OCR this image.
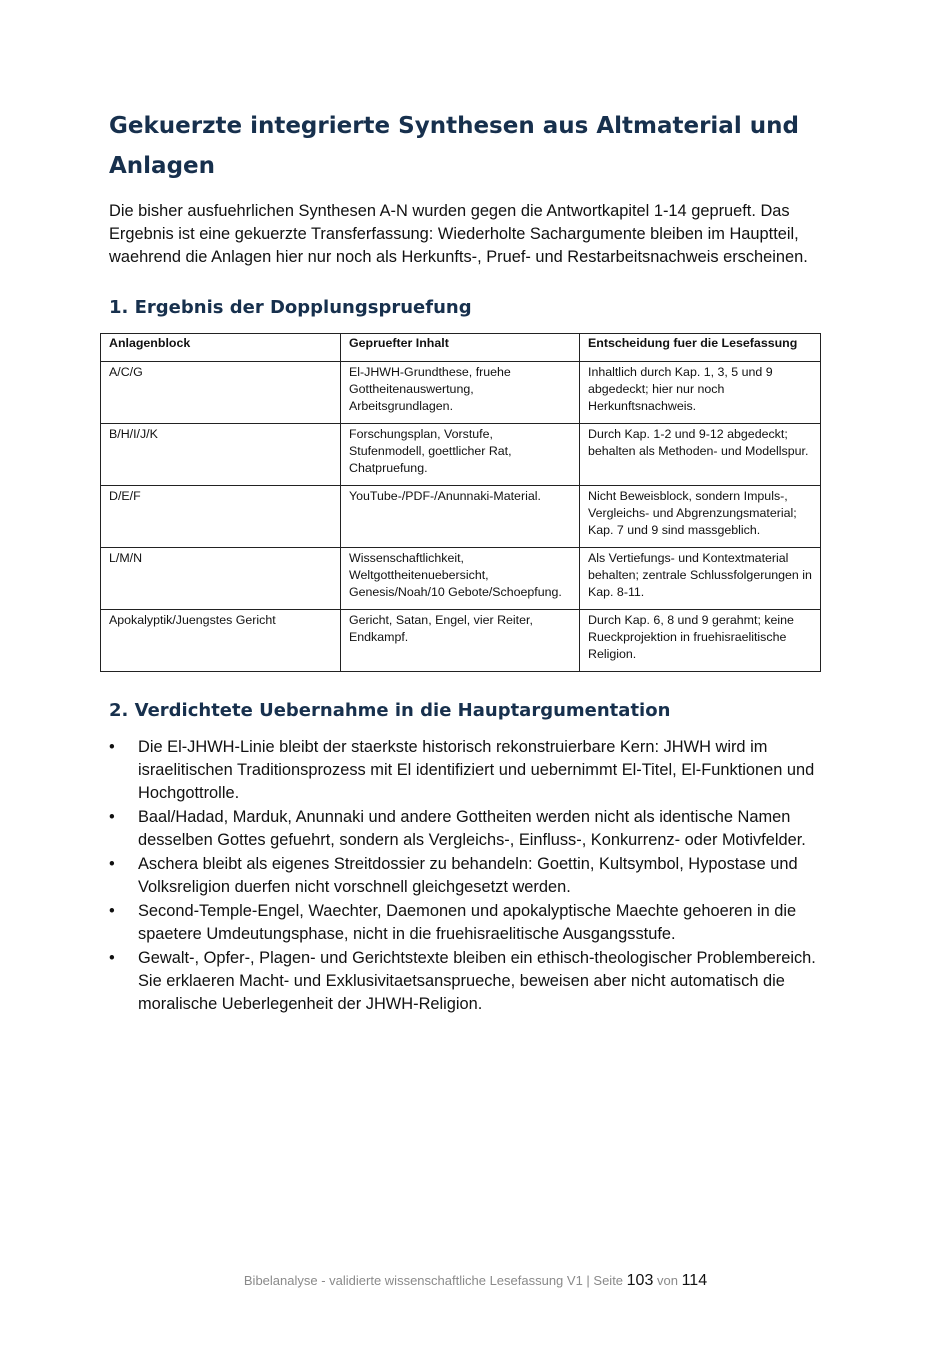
Gekuerzte integrierte Synthesen aus Altmaterial und Anlagen

Die bisher ausfuehrlichen Synthesen A-N wurden gegen die Antwortkapitel 1-14 geprueft. Das Ergebnis ist eine gekuerzte Transferfassung: Wiederholte Sachargumente bleiben im Hauptteil, waehrend die Anlagen hier nur noch als Herkunfts-, Pruef- und Restarbeitsnachweis erscheinen.

1. Ergebnis der Dopplungspruefung
Anlagenblock	Gepruefter Inhalt	Entscheidung fuer die Lesefassung
A/C/G	El-JHWH-Grundthese, fruehe Gottheitenauswertung, Arbeitsgrundlagen.	Inhaltlich durch Kap. 1, 3, 5 und 9 abgedeckt; hier nur noch Herkunftsnachweis.
B/H/I/J/K	Forschungsplan, Vorstufe, Stufenmodell, goettlicher Rat, Chatpruefung.	Durch Kap. 1-2 und 9-12 abgedeckt; behalten als Methoden- und Modellspur.
D/E/F	YouTube-/PDF-/Anunnaki-Material.	Nicht Beweisblock, sondern Impuls-, Vergleichs- und Abgrenzungsmaterial; Kap. 7 und 9 sind massgeblich.
L/M/N	Wissenschaftlichkeit, Weltgottheitenuebersicht, Genesis/Noah/10 Gebote/Schoepfung.	Als Vertiefungs- und Kontextmaterial behalten; zentrale Schlussfolgerungen in Kap. 8-11.
Apokalyptik/Juengstes Gericht	Gericht, Satan, Engel, vier Reiter, Endkampf.	Durch Kap. 6, 8 und 9 gerahmt; keine Rueckprojektion in fruehisraelitische Religion.
2. Verdichtete Uebernahme in die Hauptargumentation
•	Die El-JHWH-Linie bleibt der staerkste historisch rekonstruierbare Kern: JHWH wird im israelitischen Traditionsprozess mit El identifiziert und uebernimmt El-Titel, El-Funktionen und Hochgottrolle.
•	Baal/Hadad, Marduk, Anunnaki und andere Gottheiten werden nicht als identische Namen desselben Gottes gefuehrt, sondern als Vergleichs-, Einfluss-, Konkurrenz- oder Motivfelder.
•	Aschera bleibt als eigenes Streitdossier zu behandeln: Goettin, Kultsymbol, Hypostase und Volksreligion duerfen nicht vorschnell gleichgesetzt werden.
•	Second-Temple-Engel, Waechter, Daemonen und apokalyptische Maechte gehoeren in die spaetere Umdeutungsphase, nicht in die fruehisraelitische Ausgangsstufe.
•	Gewalt-, Opfer-, Plagen- und Gerichtstexte bleiben ein ethisch-theologischer Problembereich. Sie erklaeren Macht- und Exklusivitaetsansprueche, beweisen aber nicht automatisch die moralische Ueberlegenheit der JHWH-Religion.
Bibelanalyse - validierte wissenschaftliche Lesefassung V1 | Seite 103 von 114
